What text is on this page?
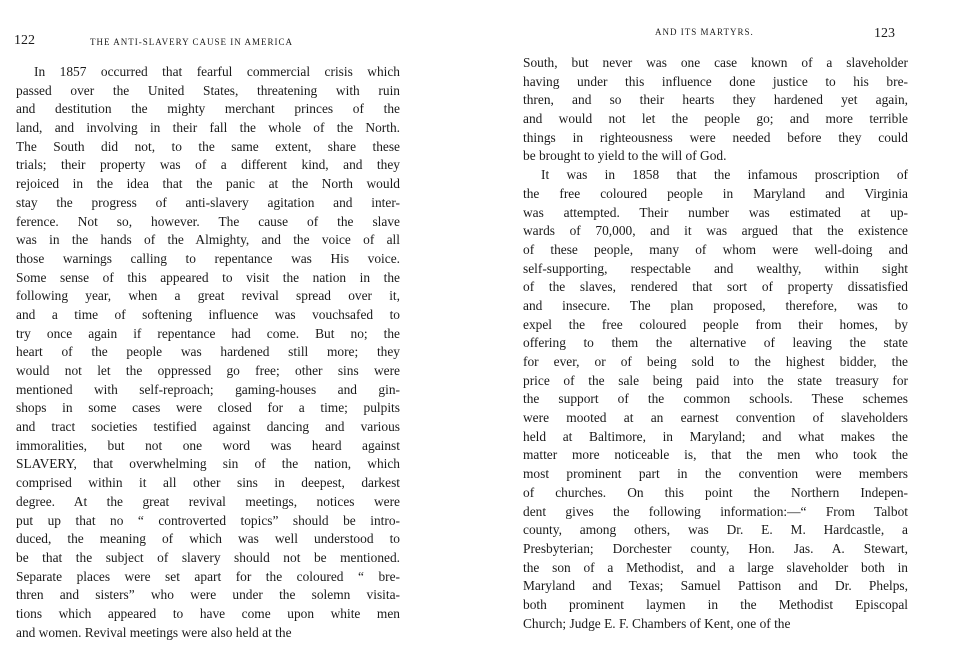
122	THE ANTI-SLAVERY CAUSE IN AMERICA
In 1857 occurred that fearful commercial crisis which
passed over the United States, threatening with ruin
and destitution the mighty merchant princes of the
land, and involving in their fall the whole of the North.
The South did not, to the same extent, share these
trials; their property was of a different kind, and they
rejoiced in the idea that the panic at the North would
stay the progress of anti-slavery agitation and inter-
ference. Not so, however. The cause of the slave
was in the hands of the Almighty, and the voice of all
those warnings calling to repentance was His voice.
Some sense of this appeared to visit the nation in the
following year, when a great revival spread over it,
and a time of softening influence was vouchsafed to
try once again if repentance had come. But no; the
heart of the people was hardened still more; they
would not let the oppressed go free; other sins were
mentioned with self-reproach; gaming-houses and gin-
shops in some cases were closed for a time; pulpits
and tract societies testified against dancing and various
immoralities, but not one word was heard against
SLAVERY, that overwhelming sin of the nation, which
comprised within it all other sins in deepest, darkest
degree. At the great revival meetings, notices were
put up that no “ controverted topics” should be intro-
duced, the meaning of which was well understood to
be that the subject of slavery should not be mentioned.
Separate places were set apart for the coloured “ bre-
thren and sisters” who were under the solemn visita-
tions which appeared to have come upon white men
and women. Revival meetings were also held at the
AND ITS MARTYRS.	123
South, but never was one case known of a slaveholder
having under this influence done justice to his bre-
thren, and so their hearts they hardened yet again,
and would not let the people go; and more terrible
things in righteousness were needed before they could
be brought to yield to the will of God.
It was in 1858 that the infamous proscription of
the free coloured people in Maryland and Virginia
was attempted. Their number was estimated at up-
wards of 70,000, and it was argued that the existence
of these people, many of whom were well-doing and
self-supporting, respectable and wealthy, within sight
of the slaves, rendered that sort of property dissatisfied
and insecure. The plan proposed, therefore, was to
expel the free coloured people from their homes, by
offering to them the alternative of leaving the state
for ever, or of being sold to the highest bidder, the
price of the sale being paid into the state treasury for
the support of the common schools. These schemes
were mooted at an earnest convention of slaveholders
held at Baltimore, in Maryland; and what makes the
matter more noticeable is, that the men who took the
most prominent part in the convention were members
of churches. On this point the Northern Indepen-
dent gives the following information:—“ From Talbot
county, among others, was Dr. E. M. Hardcastle, a
Presbyterian; Dorchester county, Hon. Jas. A. Stewart,
the son of a Methodist, and a large slaveholder both in
Maryland and Texas; Samuel Pattison and Dr. Phelps,
both prominent laymen in the Methodist Episcopal
Church; Judge E. F. Chambers of Kent, one of the
